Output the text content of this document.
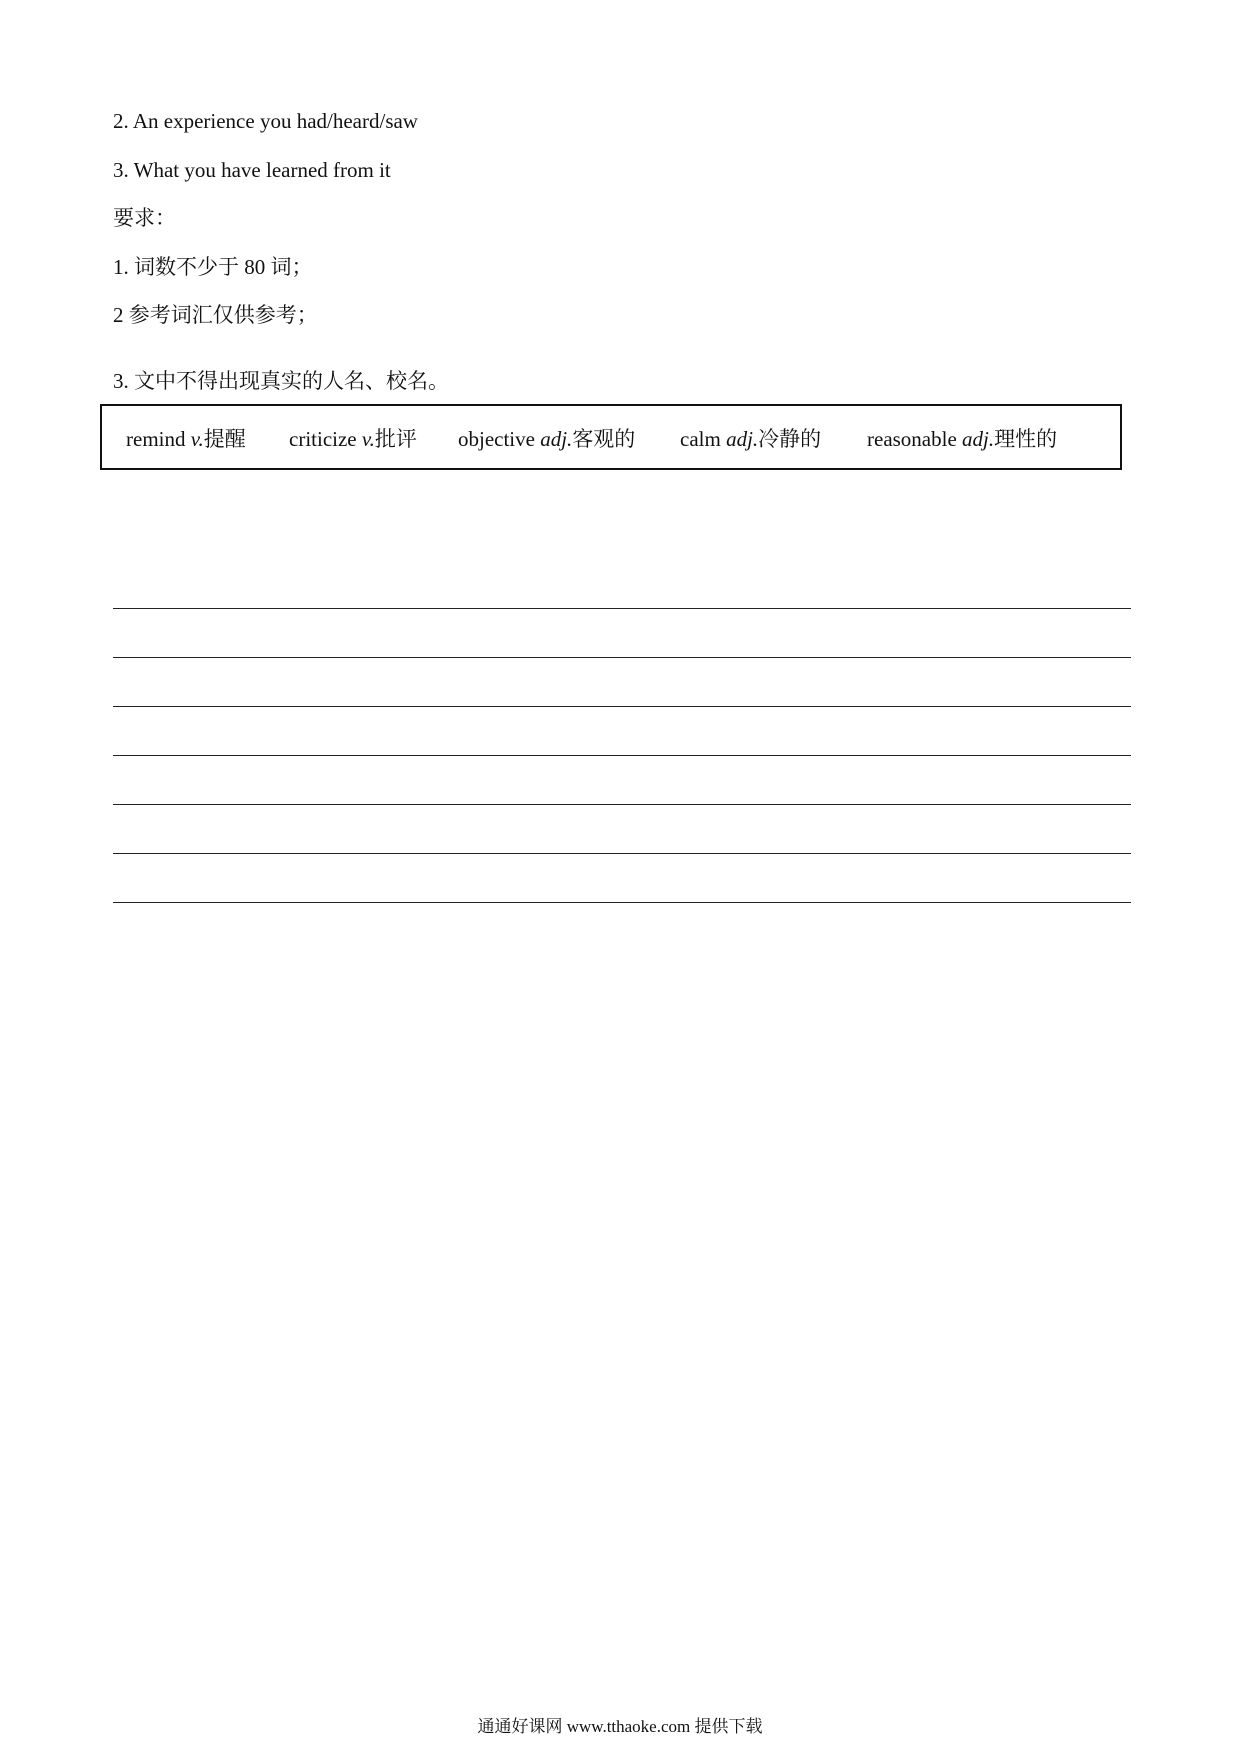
2. An experience you had/heard/saw
3. What you have learned from it
要求：
1. 词数不少于 80 词；
2 参考词汇仅供参考；
3. 文中不得出现真实的人名、校名。
remind v.提醒 criticize v.批评 objective adj.客观的 calm adj.冷静的 reasonable adj.理性的
通通好课网 www.tthaoke.com 提供下载
